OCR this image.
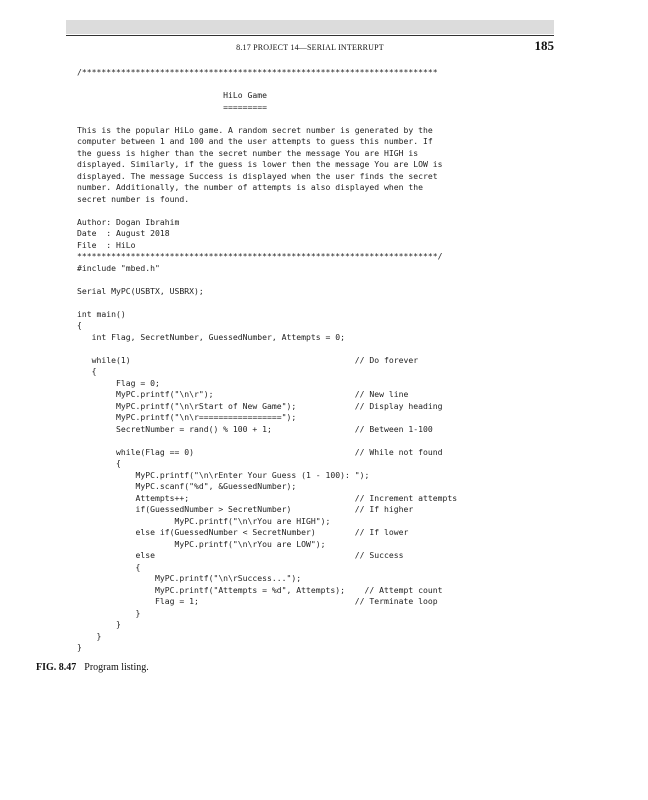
8.17 PROJECT 14—SERIAL INTERRUPT	185
/*************************************************************************
HiLo Game
=========
This is the popular HiLo game. A random secret number is generated by the
computer between 1 and 100 and the user attempts to guess this number. If
the guess is higher than the secret number the message You are HIGH is
displayed. Similarly, if the guess is lower then the message You are LOW is
displayed. The message Success is displayed when the user finds the secret
number. Additionally, the number of attempts is also displayed when the
secret number is found.
Author: Dogan Ibrahim
Date  : August 2018
File  : HiLo
**************************************************************************/
#include "mbed.h"
Serial MyPC(USBTX, USBRX);
int main()
{
int Flag, SecretNumber, GuessedNumber, Attempts = 0;
while(1)                                              // Do forever
{
Flag = 0;
MyPC.printf("\n\r");                             // New line
MyPC.printf("\n\rStart of New Game");            // Display heading
MyPC.printf("\n\r=================");
SecretNumber = rand() % 100 + 1;                 // Between 1-100
while(Flag == 0)                                 // While not found
{
MyPC.printf("\n\rEnter Your Guess (1 - 100): ");
MyPC.scanf("%d", &GuessedNumber);
Attempts++;                                  // Increment attempts
if(GuessedNumber > SecretNumber)             // If higher
MyPC.printf("\n\rYou are HIGH");
else if(GuessedNumber < SecretNumber)        // If lower
MyPC.printf("\n\rYou are LOW");
else                                         // Success
{
MyPC.printf("\n\rSuccess...");
MyPC.printf("Attempts = %d", Attempts);    // Attempt count
Flag = 1;                                // Terminate loop
}
}
}
}
FIG. 8.47 Program listing.
